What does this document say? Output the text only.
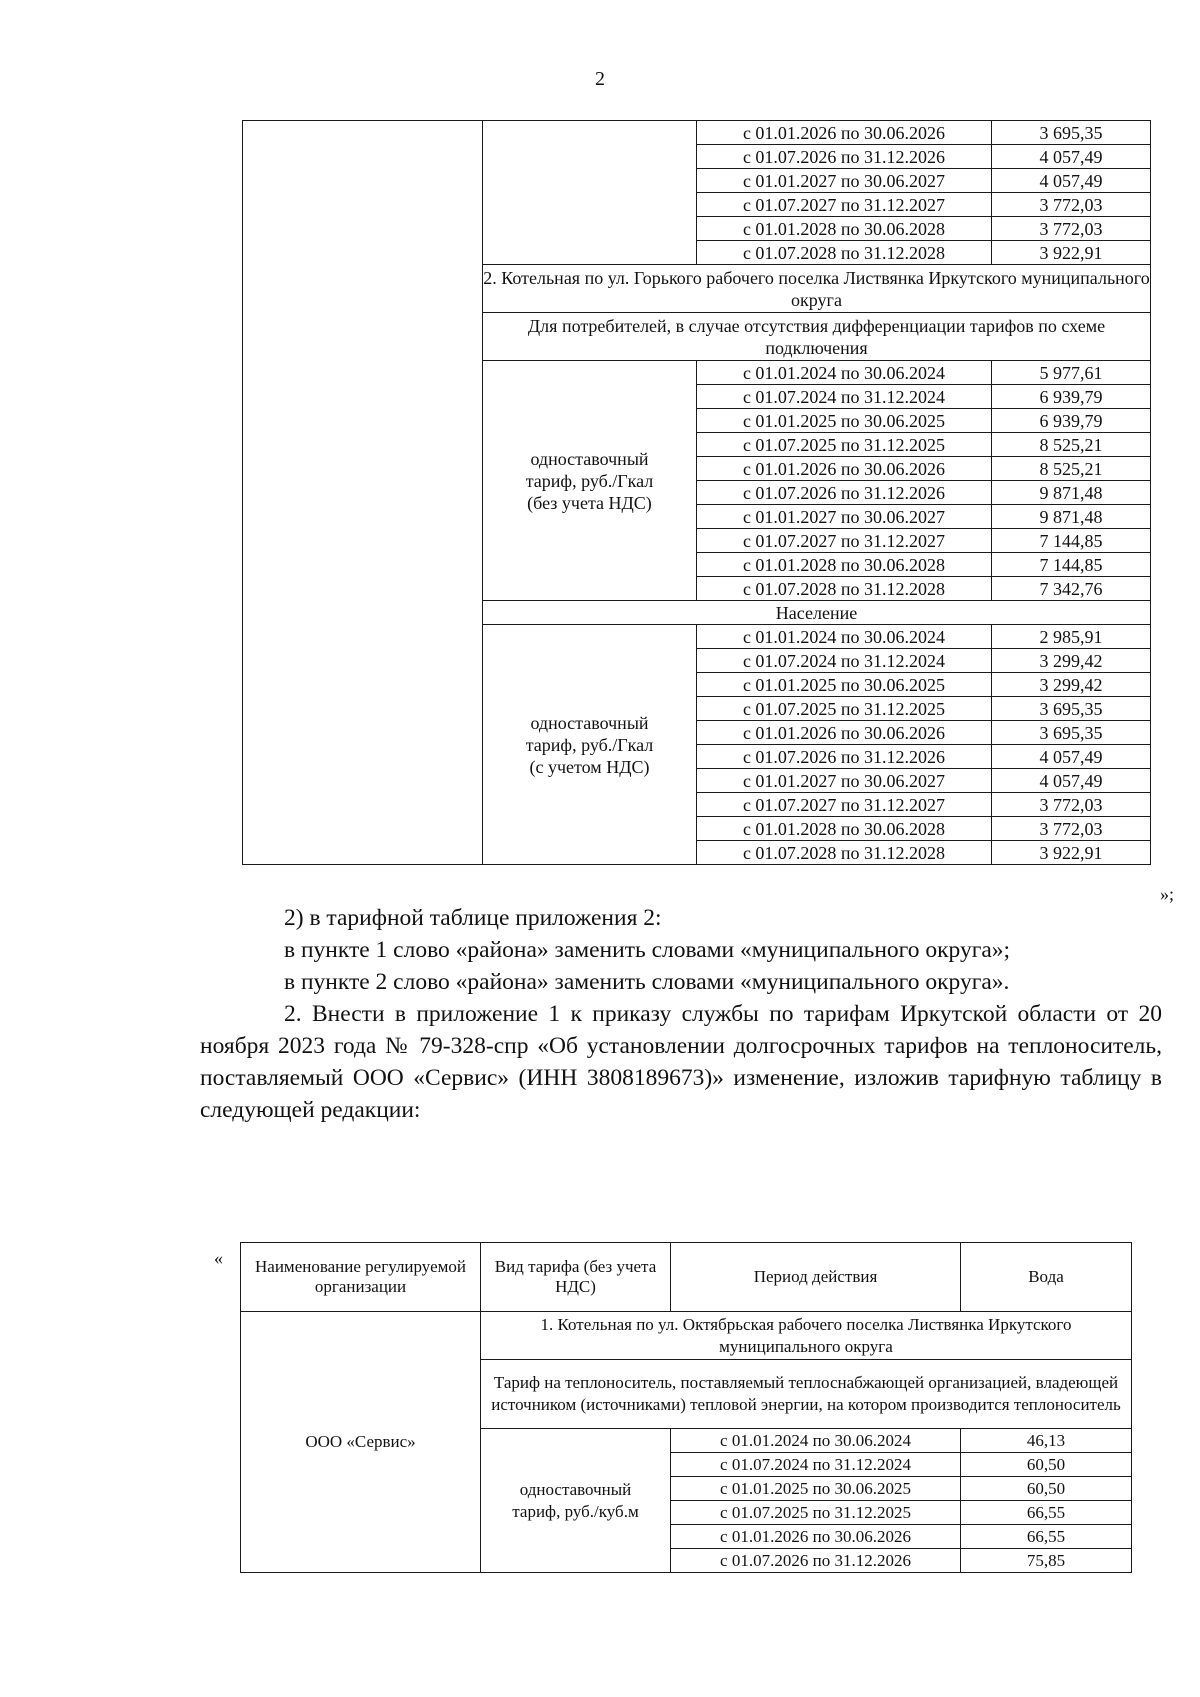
2
		с 01.01.2026 по 30.06.2026	3 695,35
		с 01.07.2026 по 31.12.2026	4 057,49
		с 01.01.2027 по 30.06.2027	4 057,49
		с 01.07.2027 по 31.12.2027	3 772,03
		с 01.01.2028 по 30.06.2028	3 772,03
		с 01.07.2028 по 31.12.2028	3 922,91
	2. Котельная по ул. Горького рабочего поселка Листвянка Иркутского муниципального округа		
	Для потребителей, в случае отсутствия дифференциации тарифов по схеме подключения		

	одноставочный
тариф, руб./Гкал
(без учета НДС)	с 01.01.2024 по 30.06.2024	5 977,61
		с 01.07.2024 по 31.12.2024	6 939,79
		с 01.01.2025 по 30.06.2025	6 939,79
		с 01.07.2025 по 31.12.2025	8 525,21
		с 01.01.2026 по 30.06.2026	8 525,21
		с 01.07.2026 по 31.12.2026	9 871,48
		с 01.01.2027 по 30.06.2027	9 871,48
		с 01.07.2027 по 31.12.2027	7 144,85
		с 01.01.2028 по 30.06.2028	7 144,85
		с 01.07.2028 по 31.12.2028	7 342,76
	Население		

	одноставочный
тариф, руб./Гкал
(с учетом НДС)	с 01.01.2024 по 30.06.2024	2 985,91
		с 01.07.2024 по 31.12.2024	3 299,42
		с 01.01.2025 по 30.06.2025	3 299,42
		с 01.07.2025 по 31.12.2025	3 695,35
		с 01.01.2026 по 30.06.2026	3 695,35
		с 01.07.2026 по 31.12.2026	4 057,49
		с 01.01.2027 по 30.06.2027	4 057,49
		с 01.07.2027 по 31.12.2027	3 772,03
		с 01.01.2028 по 30.06.2028	3 772,03
		с 01.07.2028 по 31.12.2028	3 922,91
»;

2) в тарифной таблице приложения 2:

в пункте 1 слово «района» заменить словами «муниципального округа»;

в пункте 2 слово «района» заменить словами «муниципального округа».

2. Внести в приложение 1 к приказу службы по тарифам Иркутской области от 20 ноября 2023 года № 79-328-спр «Об установлении долгосрочных тарифов на теплоноситель, поставляемый ООО «Сервис» (ИНН 3808189673)» изменение, изложив тарифную таблицу в следующей редакции:

« Наименование регулируемой организации	Вид тарифа (без учета НДС)	Период действия	Вода
ООО «Сервис»	1. Котельная по ул. Октябрьская рабочего поселка Листвянка Иркутского муниципального округа		
	Тариф на теплоноситель, поставляемый теплоснабжающей организацией, владеющей источником (источниками) тепловой энергии, на котором производится теплоноситель		

	одноставочный
тариф, руб./куб.м	с 01.01.2024 по 30.06.2024	46,13
		с 01.07.2024 по 31.12.2024	60,50
		с 01.01.2025 по 30.06.2025	60,50
		с 01.07.2025 по 31.12.2025	66,55
		с 01.01.2026 по 30.06.2026	66,55
		с 01.07.2026 по 31.12.2026	75,85
